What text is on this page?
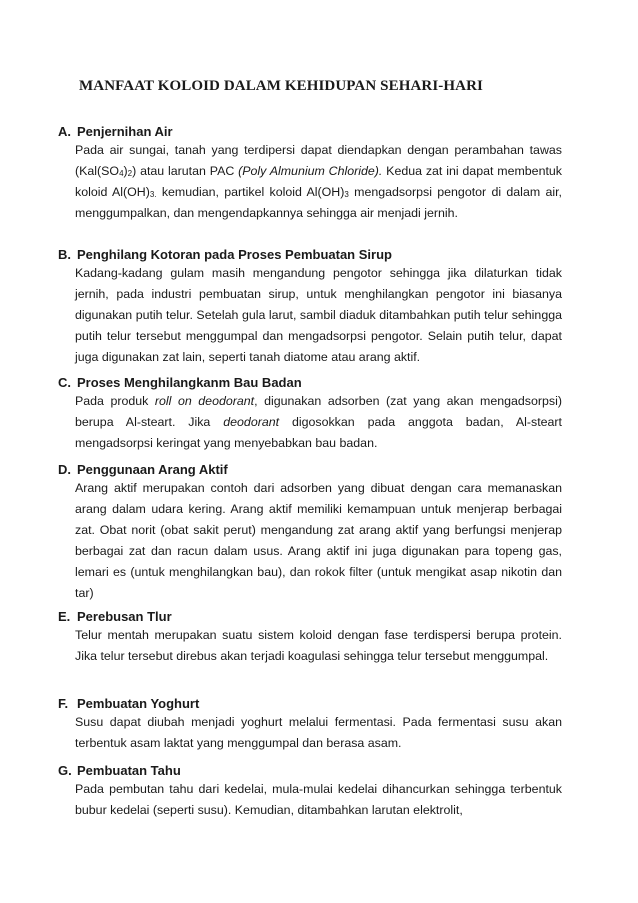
MANFAAT KOLOID DALAM KEHIDUPAN SEHARI-HARI
A. Penjernihan Air
Pada air sungai, tanah yang terdipersi dapat diendapkan dengan perambahan tawas $(Kal(SO_4)_2)$ atau larutan PAC (Poly Almunium Chloride). Kedua zat ini dapat membentuk koloid $Al(OH)_{3.}$ kemudian, partikel koloid $Al(OH)_3$ mengadsorpsi pengotor di dalam air, menggumpalkan, dan mengendapkannya sehingga air menjadi jernih.
B. Penghilang Kotoran pada Proses Pembuatan Sirup
Kadang-kadang gulam masih mengandung pengotor sehingga jika dilaturkan tidak jernih, pada industri pembuatan sirup, untuk menghilangkan pengotor ini biasanya digunakan putih telur. Setelah gula larut, sambil diaduk ditambahkan putih telur sehingga putih telur tersebut menggumpal dan mengadsorpsi pengotor. Selain putih telur, dapat juga digunakan zat lain, seperti tanah diatome atau arang aktif.
C. Proses Menghilangkanm Bau Badan
Pada produk roll on deodorant, digunakan adsorben (zat yang akan mengadsorpsi) berupa Al-steart. Jika deodorant digosokkan pada anggota badan, Al-steart mengadsorpsi keringat yang menyebabkan bau badan.
D. Penggunaan Arang Aktif
Arang aktif merupakan contoh dari adsorben yang dibuat dengan cara memanaskan arang dalam udara kering. Arang aktif memiliki kemampuan untuk menjerap berbagai zat. Obat norit (obat sakit perut) mengandung zat arang aktif yang berfungsi menjerap berbagai zat dan racun dalam usus. Arang aktif ini juga digunakan para topeng gas, lemari es (untuk menghilangkan bau), dan rokok filter (untuk mengikat asap nikotin dan tar)
E. Perebusan Tlur
Telur mentah merupakan suatu sistem koloid dengan fase terdispersi berupa protein. Jika telur tersebut direbus akan terjadi koagulasi sehingga telur tersebut menggumpal.
F. Pembuatan Yoghurt
Susu dapat diubah menjadi yoghurt melalui fermentasi. Pada fermentasi susu akan terbentuk asam laktat yang menggumpal dan berasa asam.
G. Pembuatan Tahu
Pada pembutan tahu dari kedelai, mula-mulai kedelai dihancurkan sehingga terbentuk bubur kedelai (seperti susu). Kemudian, ditambahkan larutan elektrolit,
